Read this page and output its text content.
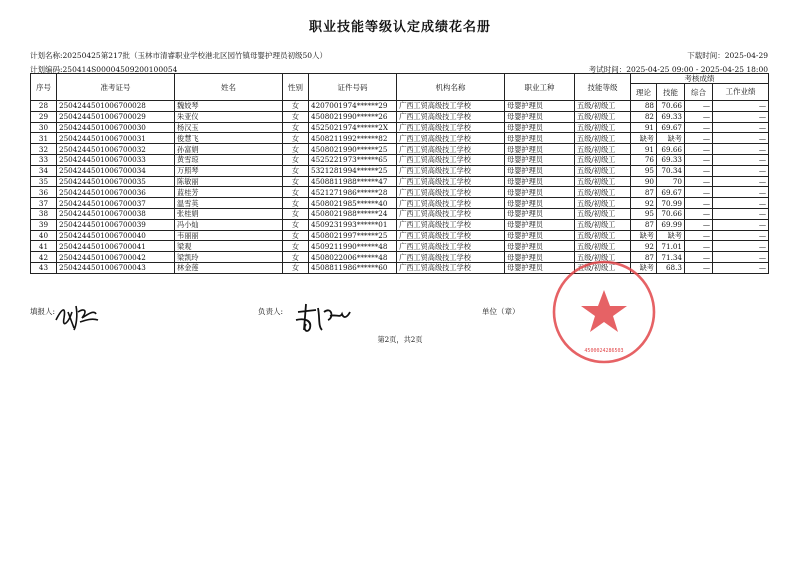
职业技能等级认定成绩花名册
计划名称:20250425第217批（玉林市清睿职业学校港北区园竹镇母婴护理员初级50人）	下载时间：2025-04-29
计划编码:250414S00004509200100054	考试时间：2025-04-25 09:00 - 2025-04-25 18:00
序号	准考证号	姓名	性别	证件号码	机构名称	职业工种	技能等级	考核成绩			
								理论	技能	综合	工作业绩
28	2504244501006700028	魏姣琴	女	4207001974******29	广西工贸高级技工学校	母婴护理员	五级/初级工	88	70.66	—	—
29	2504244501006700029	朱亚仪	女	4508021990******26	广西工贸高级技工学校	母婴护理员	五级/初级工	82	69.33	—	—
30	2504244501006700030	杨汉玉	女	4525021974******2X	广西工贸高级技工学校	母婴护理员	五级/初级工	91	69.67	—	—
31	2504244501006700031	俊慧飞	女	4508211992******82	广西工贸高级技工学校	母婴护理员	五级/初级工	缺考	缺考	—	—
32	2504244501006700032	孙富娟	女	4508021990******25	广西工贸高级技工学校	母婴护理员	五级/初级工	91	69.66	—	—
33	2504244501006700033	黄雪琼	女	4525221973******65	广西工贸高级技工学校	母婴护理员	五级/初级工	76	69.33	—	—
34	2504244501006700034	万照琴	女	5321281994******25	广西工贸高级技工学校	母婴护理员	五级/初级工	95	70.34	—	—
35	2504244501006700035	陈敏丽	女	4508811988******47	广西工贸高级技工学校	母婴护理员	五级/初级工	90	70	—	—
36	2504244501006700036	蓝桂芳	女	4521271986******28	广西工贸高级技工学校	母婴护理员	五级/初级工	87	69.67	—	—
37	2504244501006700037	温雪英	女	4508021985******40	广西工贸高级技工学校	母婴护理员	五级/初级工	92	70.99	—	—
38	2504244501006700038	张桂娟	女	4508021988******24	广西工贸高级技工学校	母婴护理员	五级/初级工	95	70.66	—	—
39	2504244501006700039	冯小灿	女	4509231993******01	广西工贸高级技工学校	母婴护理员	五级/初级工	87	69.99	—	—
40	2504244501006700040	韦丽丽	女	4508021997******25	广西工贸高级技工学校	母婴护理员	五级/初级工	缺考	缺考	—	—
41	2504244501006700041	梁观	女	4509211990******48	广西工贸高级技工学校	母婴护理员	五级/初级工	92	71.01	—	—
42	2504244501006700042	梁凯玲	女	4508022006******48	广西工贸高级技工学校	母婴护理员	五级/初级工	87	71.34	—	—
43	2504244501006700043	林金莲	女	4508811986******60	广西工贸高级技工学校	母婴护理员	五级/初级工	缺考	68.3	—	—
填报人:	负责人:	单位（章）
第2页，共2页
4500024286503
